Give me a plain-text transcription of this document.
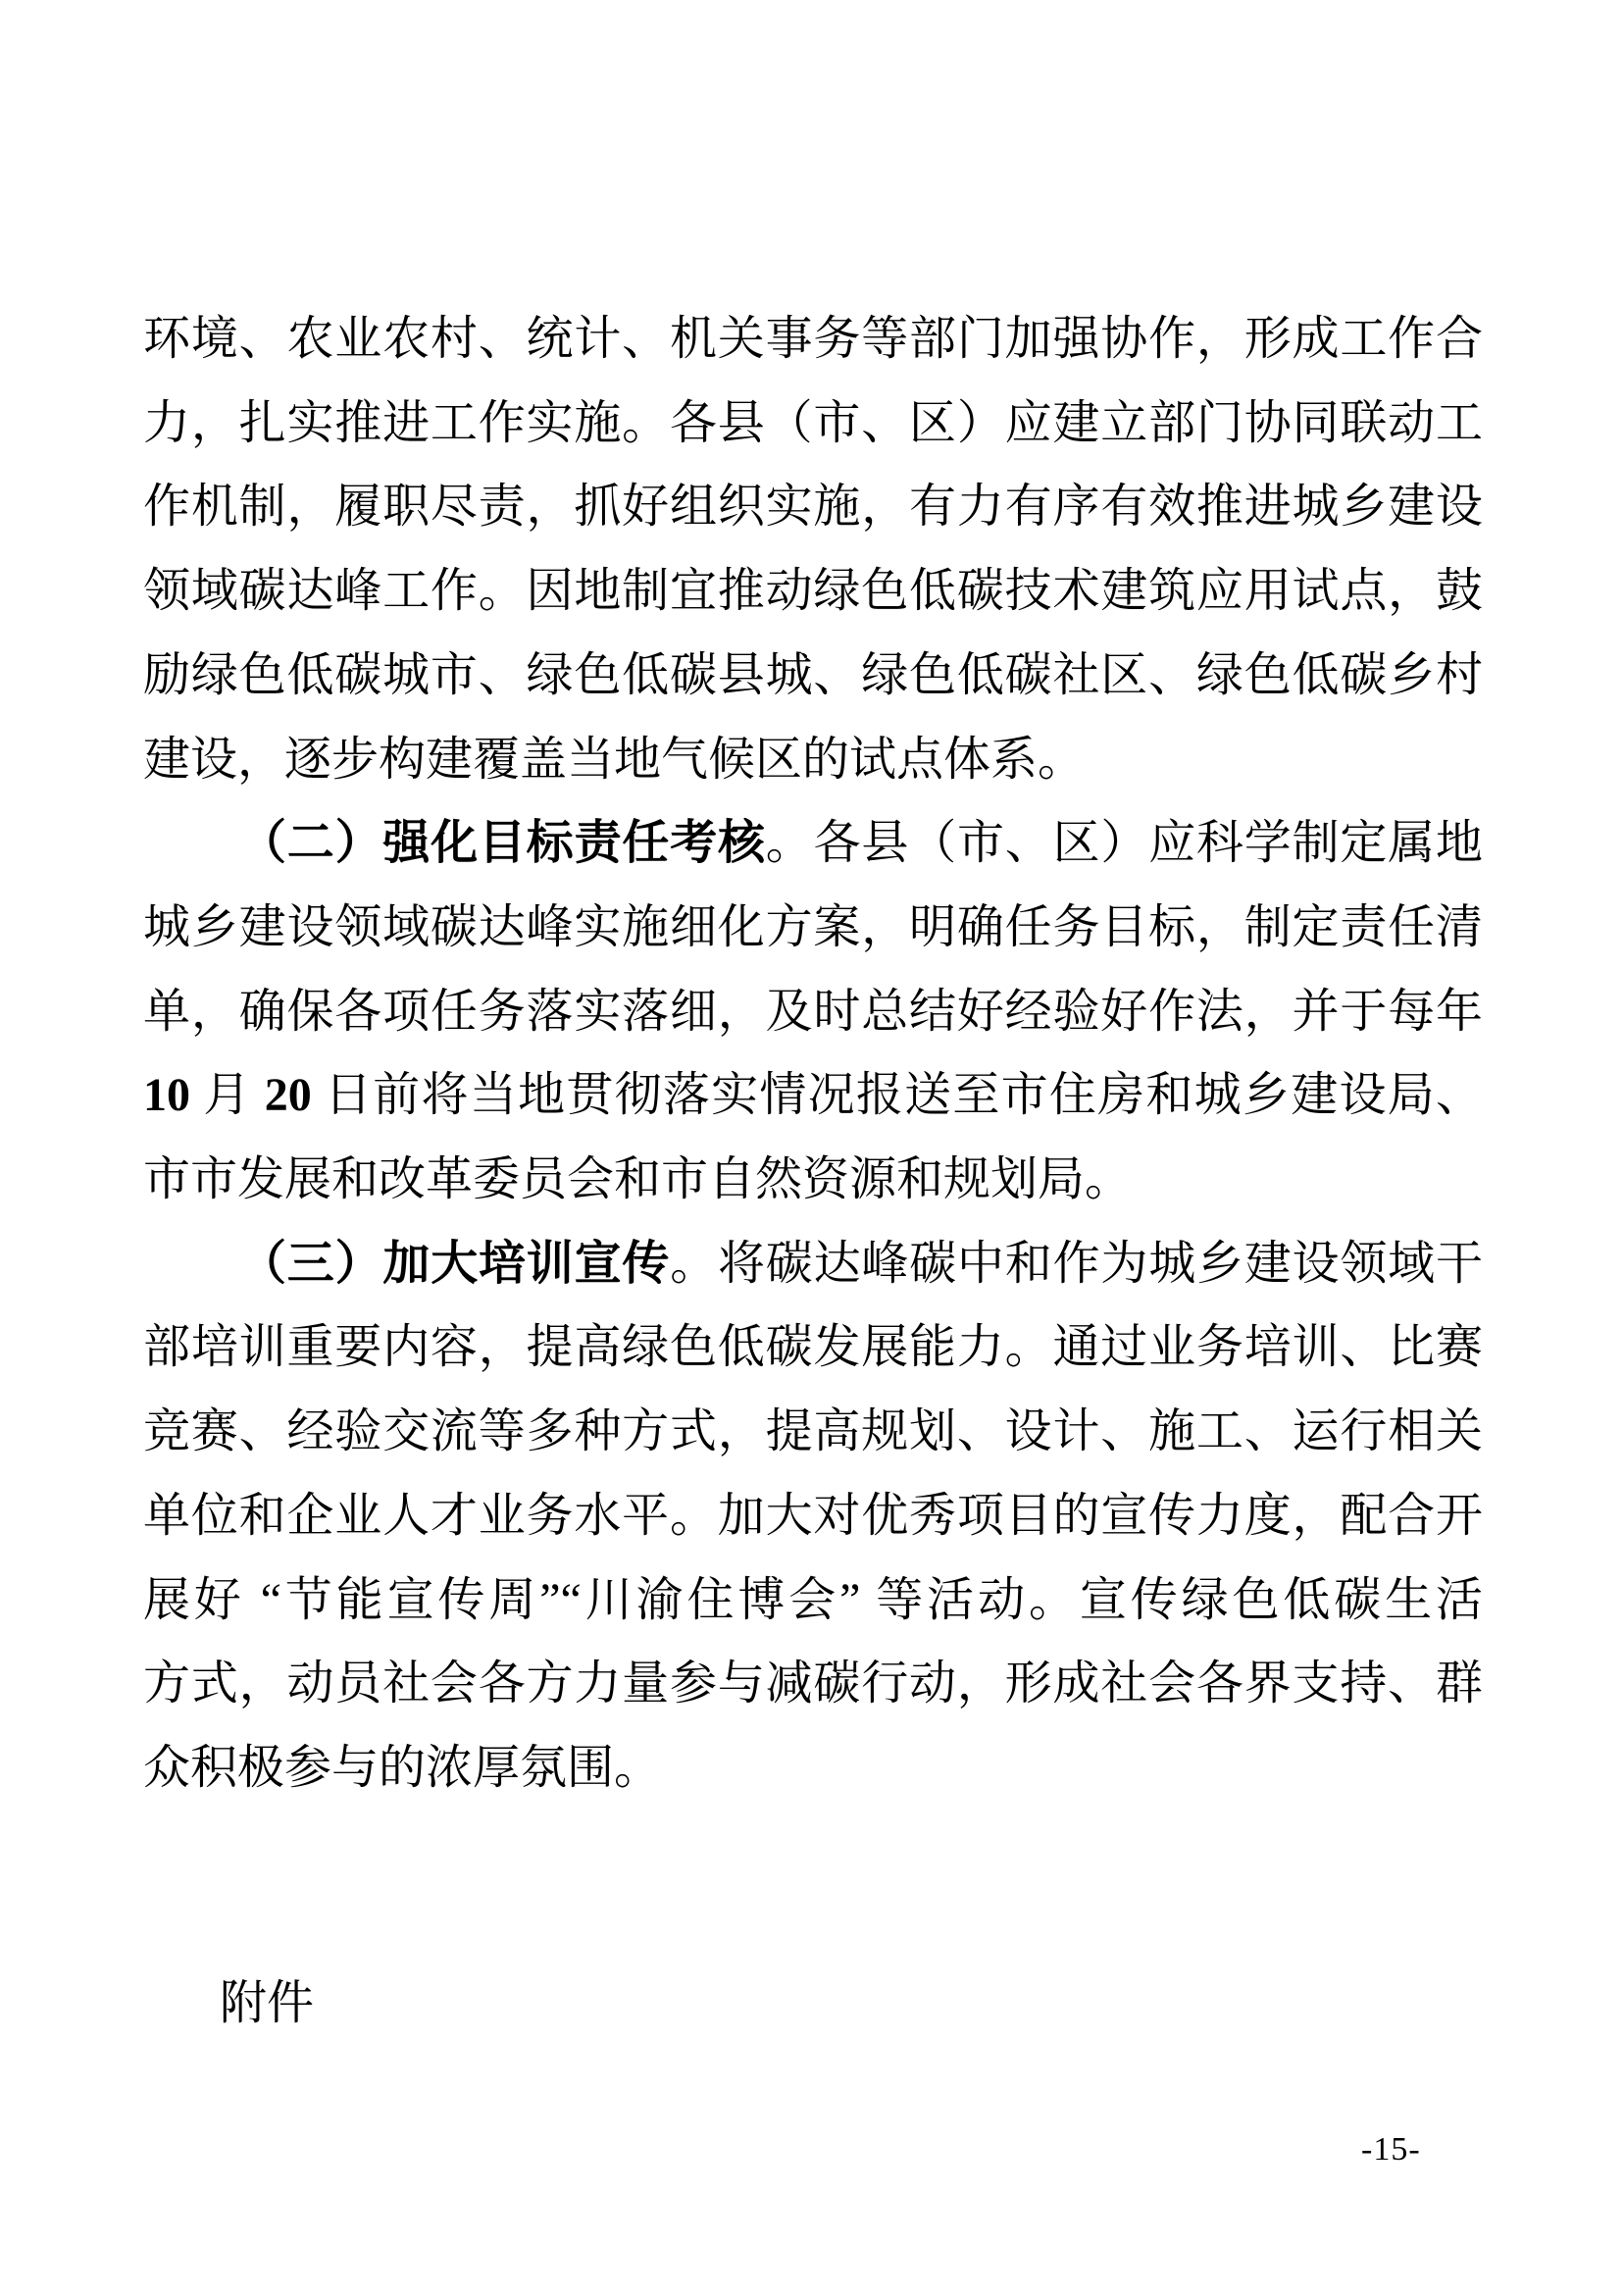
环境、农业农村、统计、机关事务等部门加强协作，形成工作合
力，扎实推进工作实施。各县（市、区）应建立部门协同联动工
作机制，履职尽责，抓好组织实施，有力有序有效推进城乡建设
领域碳达峰工作。因地制宜推动绿色低碳技术建筑应用试点，鼓
励绿色低碳城市、绿色低碳县城、绿色低碳社区、绿色低碳乡村
建设，逐步构建覆盖当地气候区的试点体系。
（二）强化目标责任考核。各县（市、区）应科学制定属地
城乡建设领域碳达峰实施细化方案，明确任务目标，制定责任清
单，确保各项任务落实落细，及时总结好经验好作法，并于每年
10 月 20 日前将当地贯彻落实情况报送至市住房和城乡建设局、
市市发展和改革委员会和市自然资源和规划局。
（三）加大培训宣传。将碳达峰碳中和作为城乡建设领域干
部培训重要内容，提高绿色低碳发展能力。通过业务培训、比赛
竞赛、经验交流等多种方式，提高规划、设计、施工、运行相关
单位和企业人才业务水平。加大对优秀项目的宣传力度，配合开
展好 “节能宣传周”“川渝住博会” 等活动。宣传绿色低碳生活
方式，动员社会各方力量参与减碳行动，形成社会各界支持、群
众积极参与的浓厚氛围。
附件
-15-
